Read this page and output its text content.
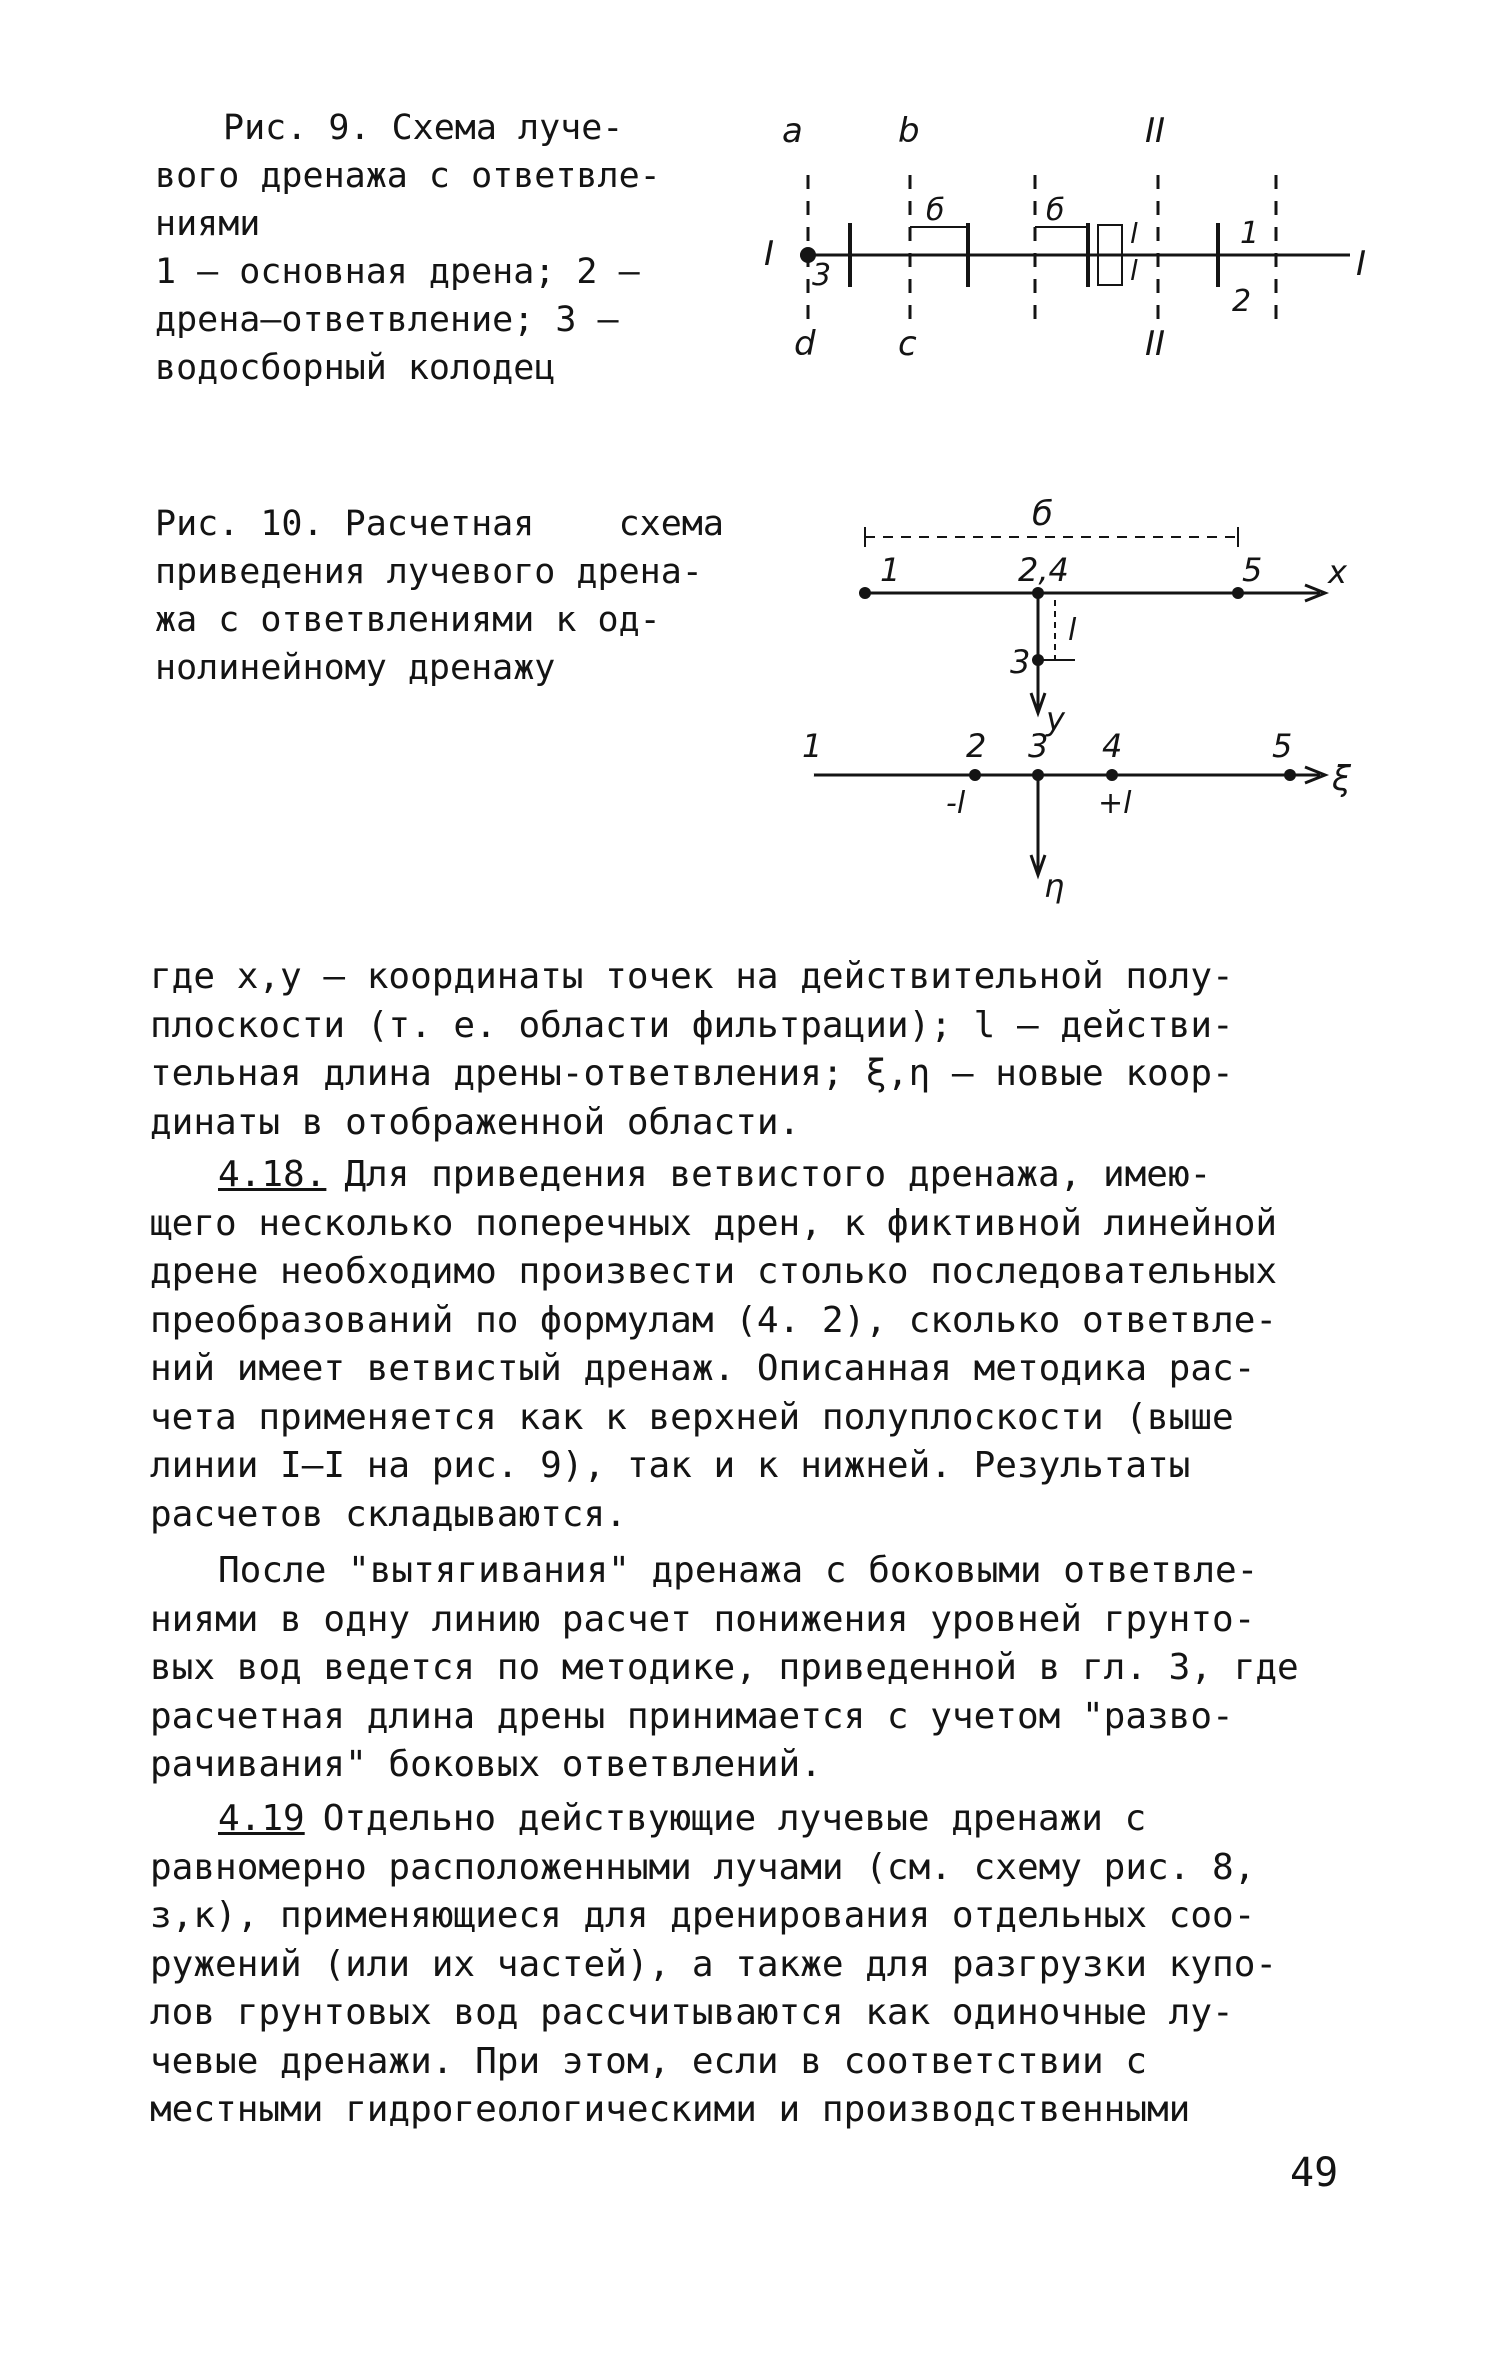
Рис. 9. Схема луче-
вого дренажа с ответвле-
ниями
1 – основная дрена; 2 –
дрена–ответвление; 3 –
водосборный колодец
a	b	II
I	I
3
d c	II
б	б
l
l
1
2
Рис. 10. Расчетная    схема
приведения лучевого дрена-
жа с ответвлениями к од-
нолинейному дренажу
б
1	2,4	5 x
l
3
y
1	2 3 4	5
ξ
-l	+l
η
где x,y – координаты точек на действительной полу-
плоскости (т. е. области фильтрации); l – действи-
тельная длина дрены-ответвления; ξ,η – новые коор-
динаты в отображенной области.
4.18. Для приведения ветвистого дренажа, имею-
щего несколько поперечных дрен, к фиктивной линейной
дрене необходимо произвести столько последовательных
преобразований по формулам (4. 2), сколько ответвле-
ний имеет ветвистый дренаж. Описанная методика рас-
чета применяется как к верхней полуплоскости (выше
линии I–I на рис. 9), так и к нижней. Результаты
расчетов складываются.
После "вытягивания" дренажа с боковыми ответвле-
ниями в одну линию расчет понижения уровней грунто-
вых вод ведется по методике, приведенной в гл. 3, где
расчетная длина дрены принимается с учетом "разво-
рачивания" боковых ответвлений.
4.19 Отдельно действующие лучевые дренажи с
равномерно расположенными лучами (см. схему рис. 8,
з,к), применяющиеся для дренирования отдельных соо-
ружений (или их частей), а также для разгрузки купо-
лов грунтовых вод рассчитываются как одиночные лу-
чевые дренажи. При этом, если в соответствии с
местными гидрогеологическими и производственными
49
